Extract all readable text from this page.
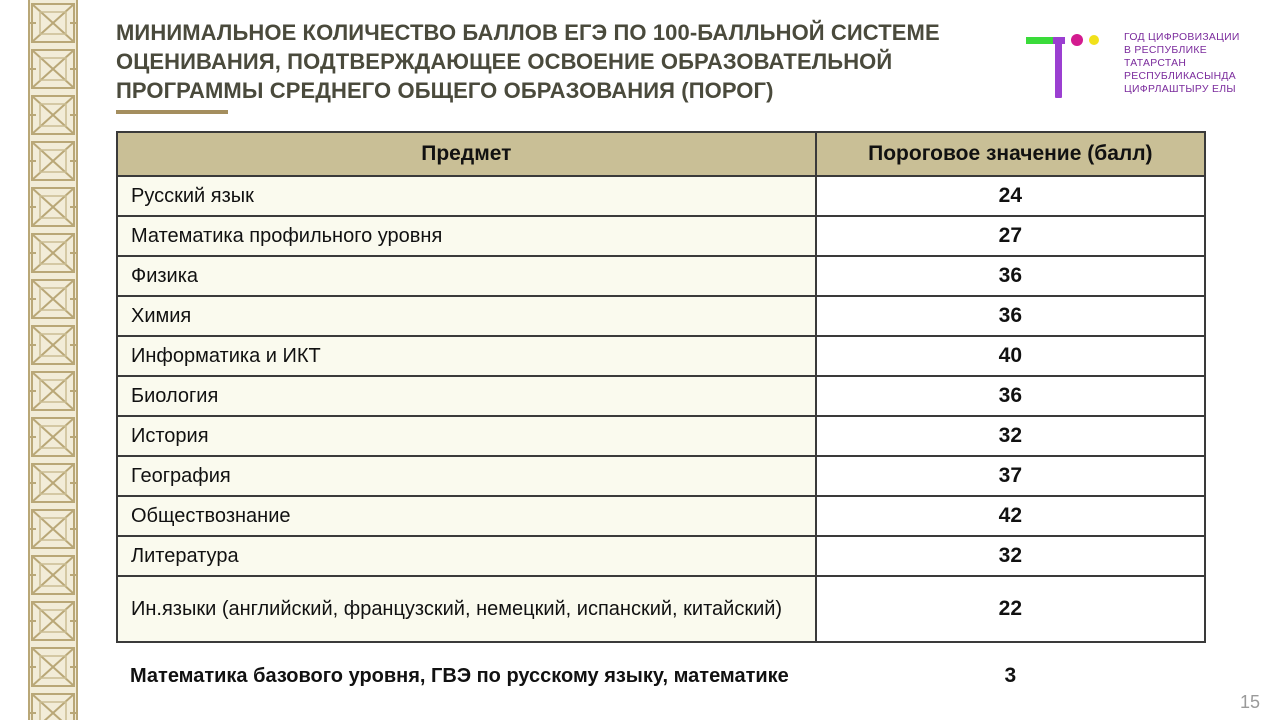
МИНИМАЛЬНОЕ КОЛИЧЕСТВО БАЛЛОВ ЕГЭ ПО 100-БАЛЛЬНОЙ СИСТЕМЕ
ОЦЕНИВАНИЯ, ПОДТВЕРЖДАЮЩЕЕ ОСВОЕНИЕ ОБРАЗОВАТЕЛЬНОЙ
ПРОГРАММЫ СРЕДНЕГО ОБЩЕГО ОБРАЗОВАНИЯ (ПОРОГ)
ГОД ЦИФРОВИЗАЦИИ
В РЕСПУБЛИКЕ
ТАТАРСТАН
РЕСПУБЛИКАСЫНДА
ЦИФРЛАШТЫРУ ЕЛЫ
Предмет	Пороговое значение (балл)
Русский язык	24
Математика профильного уровня	27
Физика	36
Химия	36
Информатика и ИКТ	40
Биология	36
История	32
География	37
Обществознание	42
Литература	32
Ин.языки (английский, французский, немецкий, испанский, китайский)	22
Математика базового уровня, ГВЭ по русскому языку, математике	3
15
